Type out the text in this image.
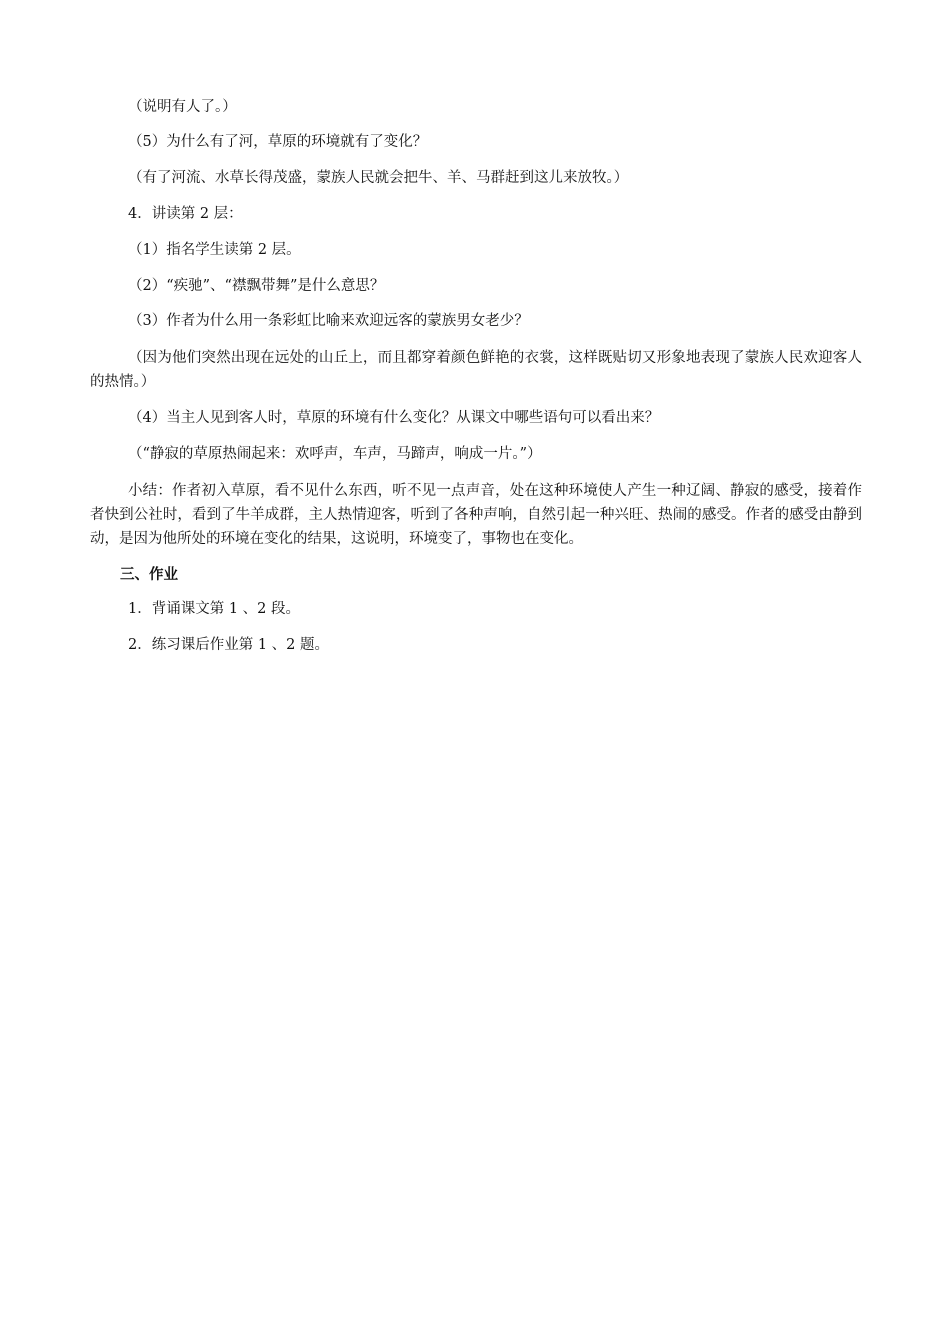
（说明有人了。）
（5）为什么有了河，草原的环境就有了变化？
（有了河流、水草长得茂盛，蒙族人民就会把牛、羊、马群赶到这儿来放牧。）
4．讲读第 2 层：
（1）指名学生读第 2 层。
（2）“疾驰”、“襟飘带舞”是什么意思？
（3）作者为什么用一条彩虹比喻来欢迎远客的蒙族男女老少？
（因为他们突然出现在远处的山丘上，而且都穿着颜色鲜艳的衣裳，这样既贴切又形象地表现了蒙族人民欢迎客人的热情。）
（4）当主人见到客人时，草原的环境有什么变化？从课文中哪些语句可以看出来？
（“静寂的草原热闹起来：欢呼声，车声，马蹄声，响成一片。”）
小结：作者初入草原，看不见什么东西，听不见一点声音，处在这种环境使人产生一种辽阔、静寂的感受，接着作者快到公社时，看到了牛羊成群，主人热情迎客，听到了各种声响，自然引起一种兴旺、热闹的感受。作者的感受由静到动，是因为他所处的环境在变化的结果，这说明，环境变了，事物也在变化。
三、作业
1．背诵课文第 1 、2 段。
2．练习课后作业第 1 、2 题。
